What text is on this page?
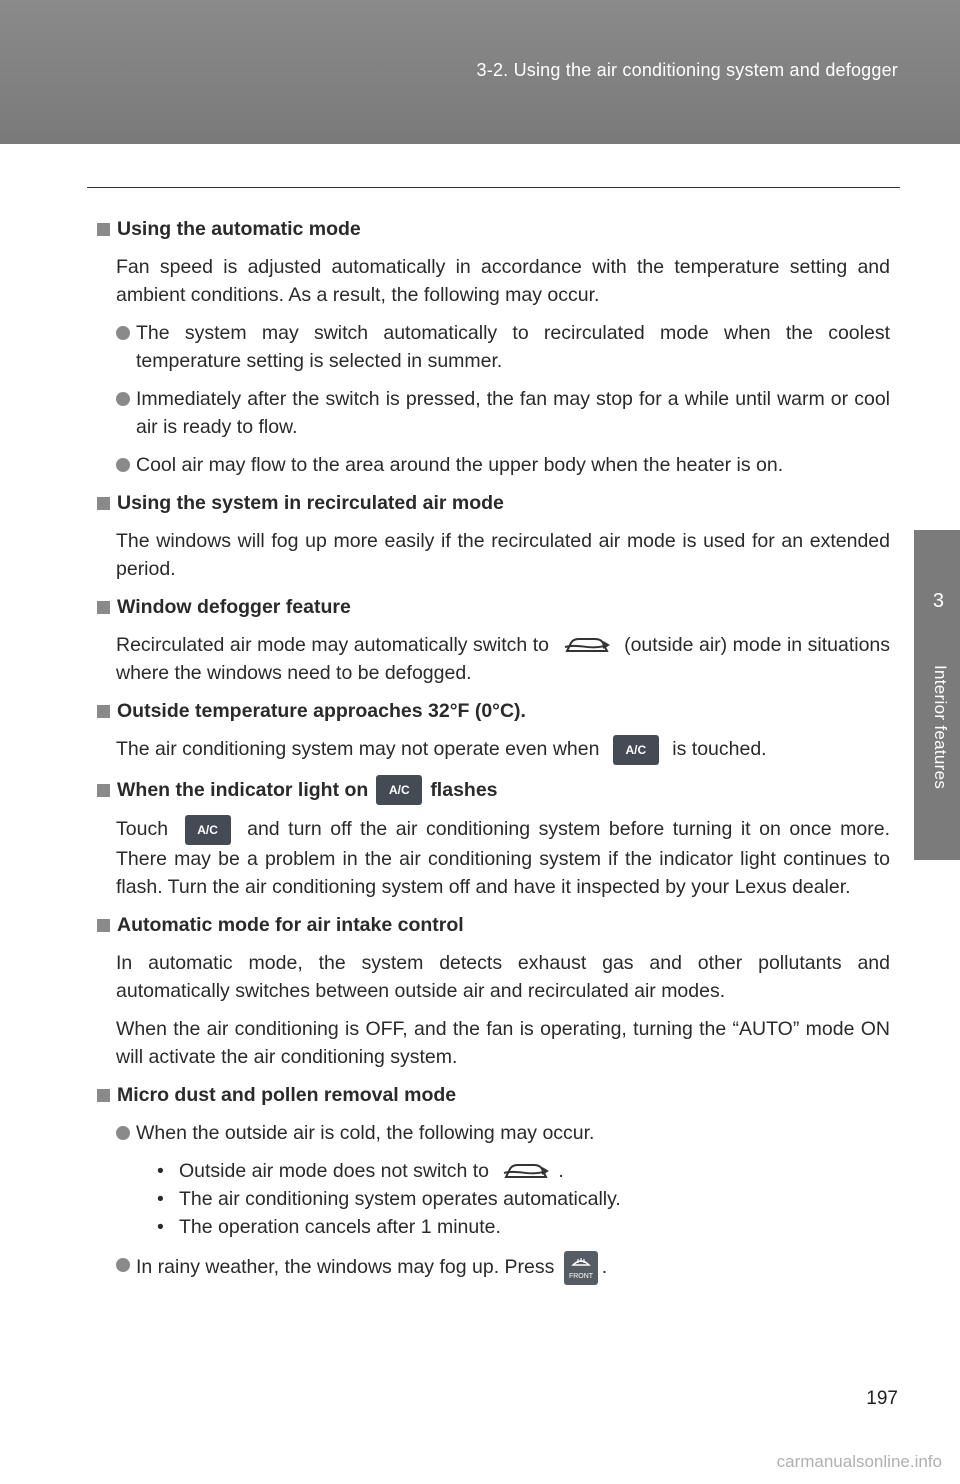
3-2. Using the air conditioning system and defogger
3
Interior features
Using the automatic mode
Fan speed is adjusted automatically in accordance with the temperature setting and ambient conditions. As a result, the following may occur.
The system may switch automatically to recirculated mode when the coolest temperature setting is selected in summer.
Immediately after the switch is pressed, the fan may stop for a while until warm or cool air is ready to flow.
Cool air may flow to the area around the upper body when the heater is on.
Using the system in recirculated air mode
The windows will fog up more easily if the recirculated air mode is used for an extended period.
Window defogger feature
Recirculated air mode may automatically switch to	(outside air) mode in situations where the windows need to be defogged.
Outside temperature approaches 32°F (0°C).
The air conditioning system may not operate even when A/C is touched.
When the indicator light on	A/C	flashes
Touch A/C and turn off the air conditioning system before turning it on once more. There may be a problem in the air conditioning system if the indicator light continues to flash. Turn the air conditioning system off and have it inspected by your Lexus dealer.
Automatic mode for air intake control
In automatic mode, the system detects exhaust gas and other pollutants and automatically switches between outside air and recirculated air modes.
When the air conditioning is OFF, and the fan is operating, turning the “AUTO” mode ON will activate the air conditioning system.
Micro dust and pollen removal mode
When the outside air is cold, the following may occur.
• Outside air mode does not switch to	.
• The air conditioning system operates automatically.
• The operation cancels after 1 minute.
In rainy weather, the windows may fog up. Press FRONT .
197
carmanualsonline.info
